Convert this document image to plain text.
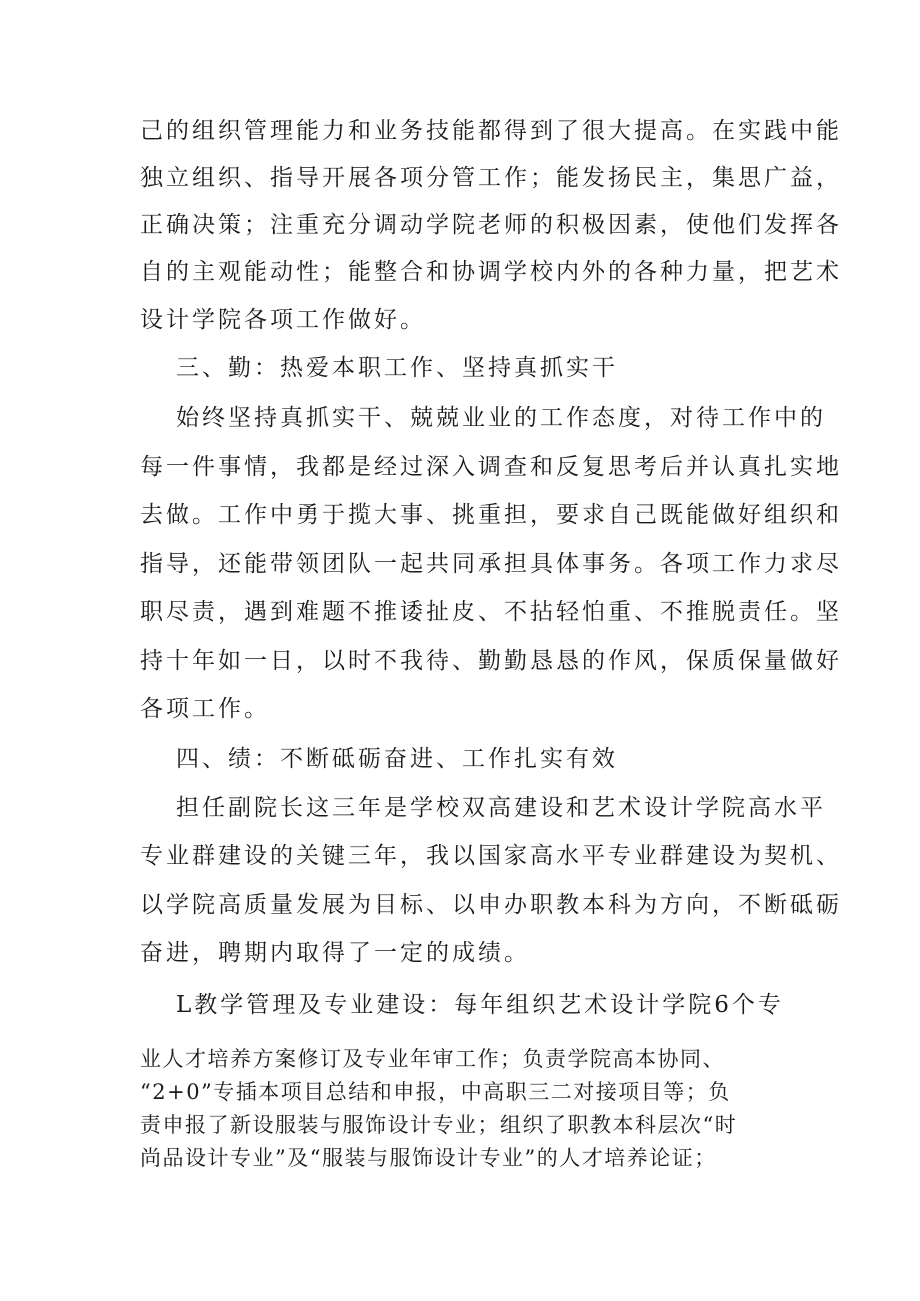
己的组织管理能力和业务技能都得到了很大提高。在实践中能
独立组织、指导开展各项分管工作；能发扬民主，集思广益，
正确决策；注重充分调动学院老师的积极因素，使他们发挥各
自的主观能动性；能整合和协调学校内外的各种力量，把艺术
设计学院各项工作做好。
三、勤：热爱本职工作、坚持真抓实干
始终坚持真抓实干、兢兢业业的工作态度，对待工作中的
每一件事情，我都是经过深入调查和反复思考后并认真扎实地
去做。工作中勇于揽大事、挑重担，要求自己既能做好组织和
指导，还能带领团队一起共同承担具体事务。各项工作力求尽
职尽责，遇到难题不推诿扯皮、不拈轻怕重、不推脱责任。坚
持十年如一日，以时不我待、勤勤恳恳的作风，保质保量做好
各项工作。
四、绩：不断砥砺奋进、工作扎实有效
担任副院长这三年是学校双高建设和艺术设计学院高水平
专业群建设的关键三年，我以国家高水平专业群建设为契机、
以学院高质量发展为目标、以申办职教本科为方向，不断砥砺
奋进，聘期内取得了一定的成绩。
L教学管理及专业建设：每年组织艺术设计学院6个专
业人才培养方案修订及专业年审工作；负责学院高本协同、
“2+0”专插本项目总结和申报，中高职三二对接项目等；负
责申报了新设服装与服饰设计专业；组织了职教本科层次“时
尚品设计专业”及“服装与服饰设计专业”的人才培养论证；
